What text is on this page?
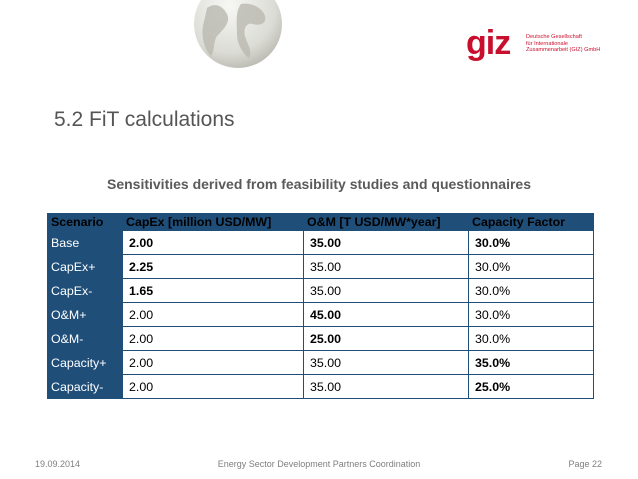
giz	Deutsche Gesellschaft
für Internationale
Zusammenarbeit (GIZ) GmbH
5.2 FiT calculations
Sensitivities derived from feasibility studies and questionnaires
Scenario	CapEx [million USD/MW]	O&M [T USD/MW*year]	Capacity Factor
Base	2.00	35.00	30.0%
CapEx+	2.25	35.00	30.0%
CapEx-	1.65	35.00	30.0%
O&M+	2.00	45.00	30.0%
O&M-	2.00	25.00	30.0%
Capacity+	2.00	35.00	35.0%
Capacity-	2.00	35.00	25.0%
19.09.2014	Energy Sector Development Partners Coordination	Page 22
